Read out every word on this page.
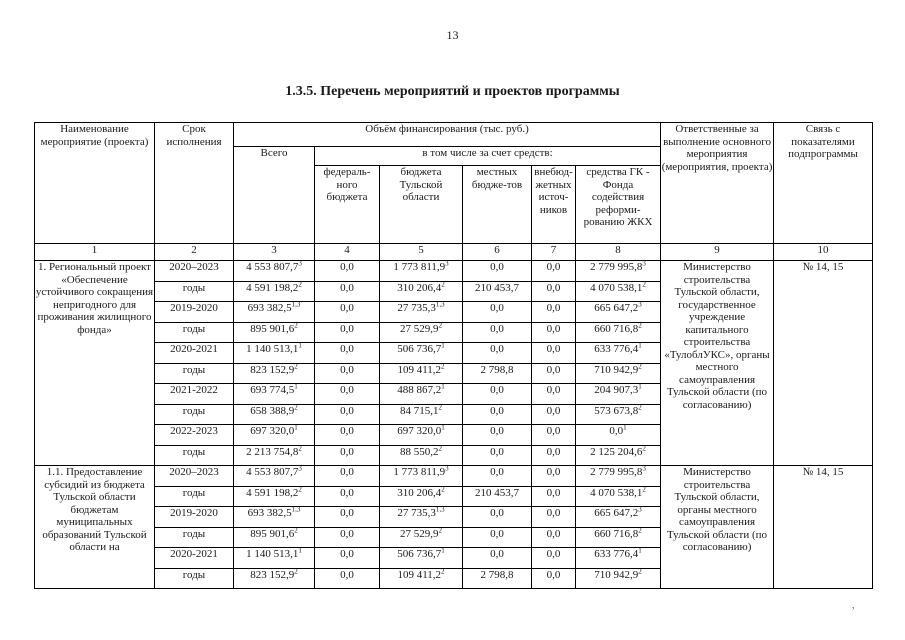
13
1.3.5. Перечень мероприятий и проектов программы
Наименование мероприятие (проекта)	Срок исполнения	Объём финансирования (тыс. руб.)						Ответственные за выполнение основного мероприятия (мероприятия, проекта)	Связь с показателями подпрограммы
		Всего	в том числе за счет средств:						
			федераль-ного бюджета	бюджета Тульской области	местных бюдже-тов	внебюд-жетных источ-ников	средства ГК - Фонда содействия реформи-рованию ЖКХ		
1	2	3	4	5	6	7	8	9	10
1. Региональный проект «Обеспечение устойчивого сокращения непригодного для проживания жилищного фонда»	2020–2023	4 553 807,7$^3$	0,0	1 773 811,9$^3$	0,0	0,0	2 779 995,8$^3$	Министерство строительства Тульской области, государственное учреждение капитального строительства «ТулоблУКС», органы местного самоуправления Тульской области (по согласованию)	№ 14, 15
	годы	4 591 198,2$^2$	0,0	310 206,4$^2$	210 453,7	0,0	4 070 538,1$^2$
	2019-2020	693 382,5$^{1,3}$	0,0	27 735,3$^{1,3}$	0,0	0,0	665 647,2$^3$
	годы	895 901,6$^2$	0,0	27 529,9$^2$	0,0	0,0	660 716,8$^2$
	2020-2021	1 140 513,1$^1$	0,0	506 736,7$^1$	0,0	0,0	633 776,4$^1$
	годы	823 152,9$^2$	0,0	109 411,2$^2$	2 798,8	0,0	710 942,9$^2$
	2021-2022	693 774,5$^1$	0,0	488 867,2$^1$	0,0	0,0	204 907,3$^1$
	годы	658 388,9$^2$	0,0	84 715,1$^2$	0,0	0,0	573 673,8$^2$
	2022-2023	697 320,0$^1$	0,0	697 320,0$^1$	0,0	0,0	$0,0^1$
	годы	2 213 754,8$^2$	0,0	88 550,2$^2$	0,0	0,0	2 125 204,6$^2$
1.1. Предоставление субсидий из бюджета Тульской области бюджетам муниципальных образований Тульской области на	2020–2023	4 553 807,7$^3$	0,0	1 773 811,9$^3$	0,0	0,0	2 779 995,8$^3$	Министерство строительства Тульской области, органы местного самоуправления Тульской области (по согласованию)	№ 14, 15
	годы	4 591 198,2$^2$	0,0	310 206,4$^2$	210 453,7	0,0	4 070 538,1$^2$
	2019-2020	693 382,5$^{1,3}$	0,0	27 735,3$^{1,3}$	0,0	0,0	665 647,2$^3$
	годы	895 901,6$^2$	0,0	27 529,9$^2$	0,0	0,0	660 716,8$^2$
	2020-2021	1 140 513,1$^1$	0,0	506 736,7$^1$	0,0	0,0	633 776,4$^1$
	годы	823 152,9$^2$	0,0	109 411,2$^2$	2 798,8	0,0	710 942,9$^2$
,
